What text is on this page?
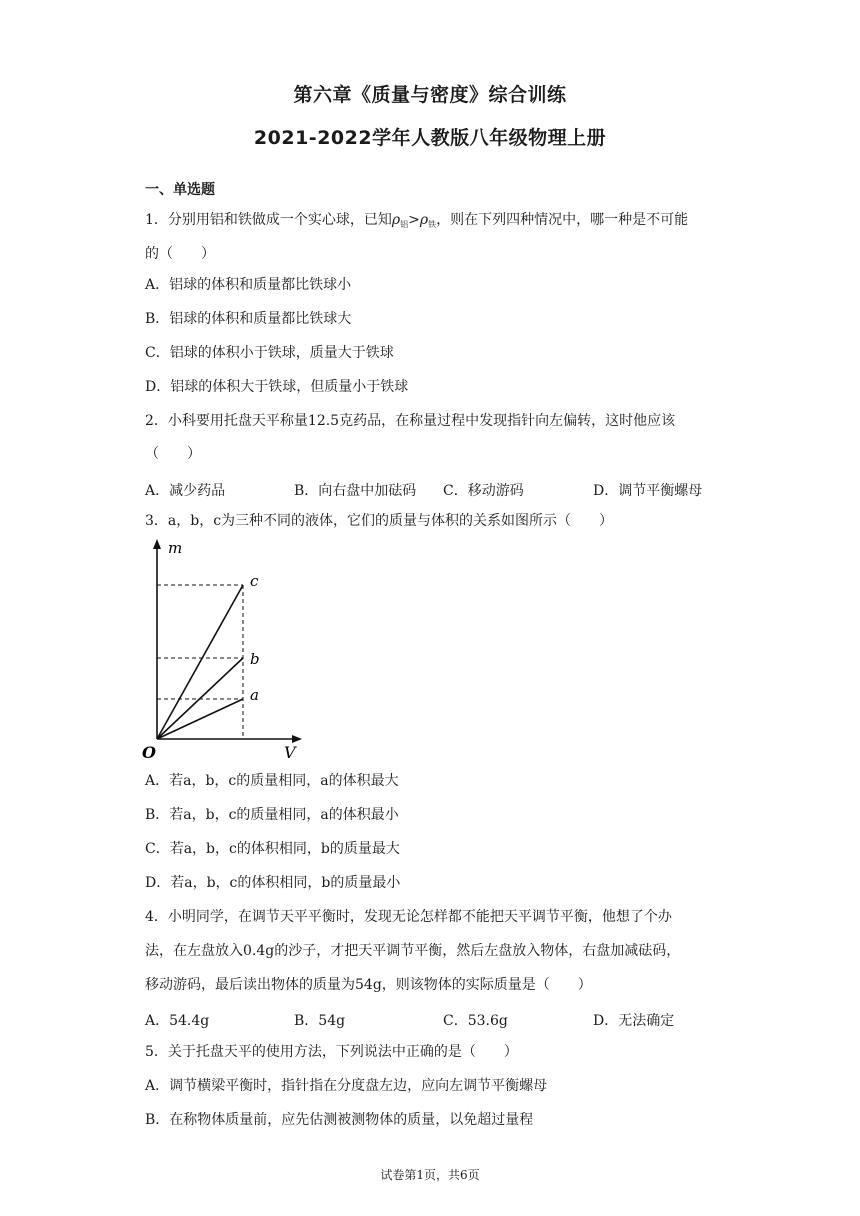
第六章《质量与密度》综合训练
2021-2022学年人教版八年级物理上册
一、单选题
1．分别用铝和铁做成一个实心球，已知$\rho_铝>\rho_铁$，则在下列四种情况中，哪一种是不可能
的（　　）
A．铝球的体积和质量都比铁球小
B．铝球的体积和质量都比铁球大
C．铝球的体积小于铁球，质量大于铁球
D．铝球的体积大于铁球，但质量小于铁球
2．小科要用托盘天平称量12.5克药品，在称量过程中发现指针向左偏转，这时他应该
（　　）
A．减少药品	B．向右盘中加砝码 C．移动游码	D．调节平衡螺母
3．a，b，c为三种不同的液体，它们的质量与体积的关系如图所示（　　）
m
V
O
c
b
a
A．若a，b，c的质量相同，a的体积最大
B．若a，b，c的质量相同，a的体积最小
C．若a，b，c的体积相同，b的质量最大
D．若a，b，c的体积相同，b的质量最小
4．小明同学，在调节天平平衡时，发现无论怎样都不能把天平调节平衡，他想了个办
法，在左盘放入0.4g的沙子，才把天平调节平衡，然后左盘放入物体，右盘加减砝码，
移动游码，最后读出物体的质量为54g，则该物体的实际质量是（　　）
A．54.4g	B．54g	C．53.6g	D．无法确定
5．关于托盘天平的使用方法，下列说法中正确的是（　　）
A．调节横梁平衡时，指针指在分度盘左边，应向左调节平衡螺母
B．在称物体质量前，应先估测被测物体的质量，以免超过量程
试卷第1页，共6页
